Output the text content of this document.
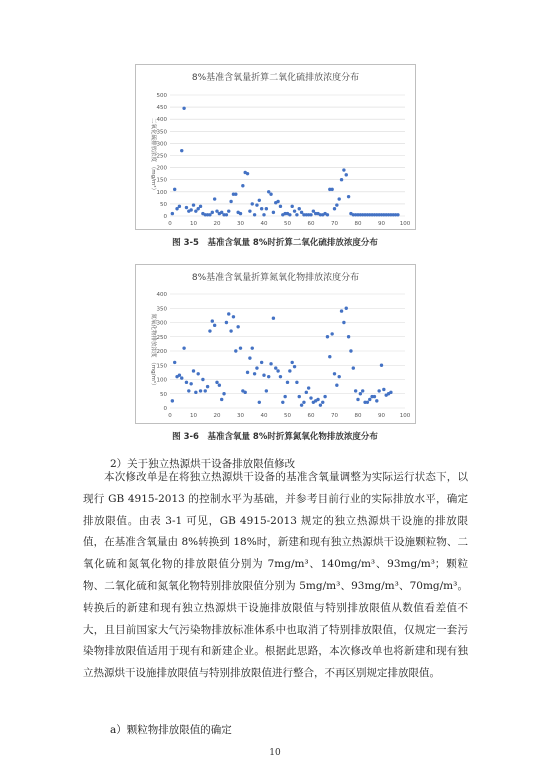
8%基准含氧量折算二氧化硫排放浓度分布
0
50
100
150
200
250
300
350
400
450
500
0	10	20	30	40	50	60	70	80	90	100
二氧化硫排放浓度 （mg/m³）
图 3-5　基准含氧量 8%时折算二氧化硫排放浓度分布
8%基准含氧量折算氮氧化物排放浓度分布
0
50
100
150
200
250
300
350
400
0	10	20	30	40	50	60	70	80	90	100
氮氧化物排放浓度 （mg/m³）
图 3-6　基准含氧量 8%时折算氮氧化物排放浓度分布
2）关于独立热源烘干设备排放限值修改
本次修改单是在将独立热源烘干设备的基准含氧量调整为实际运行状态下，以现行 GB 4915-2013 的控制水平为基础，并参考目前行业的实际排放水平，确定排放限值。由表 3-1 可见，GB 4915-2013 规定的独立热源烘干设施的排放限值，在基准含氧量由 8%转换到 18%时，新建和现有独立热源烘干设施颗粒物、二氧化硫和氮氧化物的排放限值分别为 7mg/m³、140mg/m³、93mg/m³；颗粒物、二氧化硫和氮氧化物特别排放限值分别为 5mg/m³、93mg/m³、70mg/m³。转换后的新建和现有独立热源烘干设施排放限值与特别排放限值从数值看差值不大，且目前国家大气污染物排放标准体系中也取消了特别排放限值，仅规定一套污染物排放限值适用于现有和新建企业。根据此思路，本次修改单也将新建和现有独立热源烘干设施排放限值与特别排放限值进行整合，不再区别规定排放限值。
a）颗粒物排放限值的确定
10
